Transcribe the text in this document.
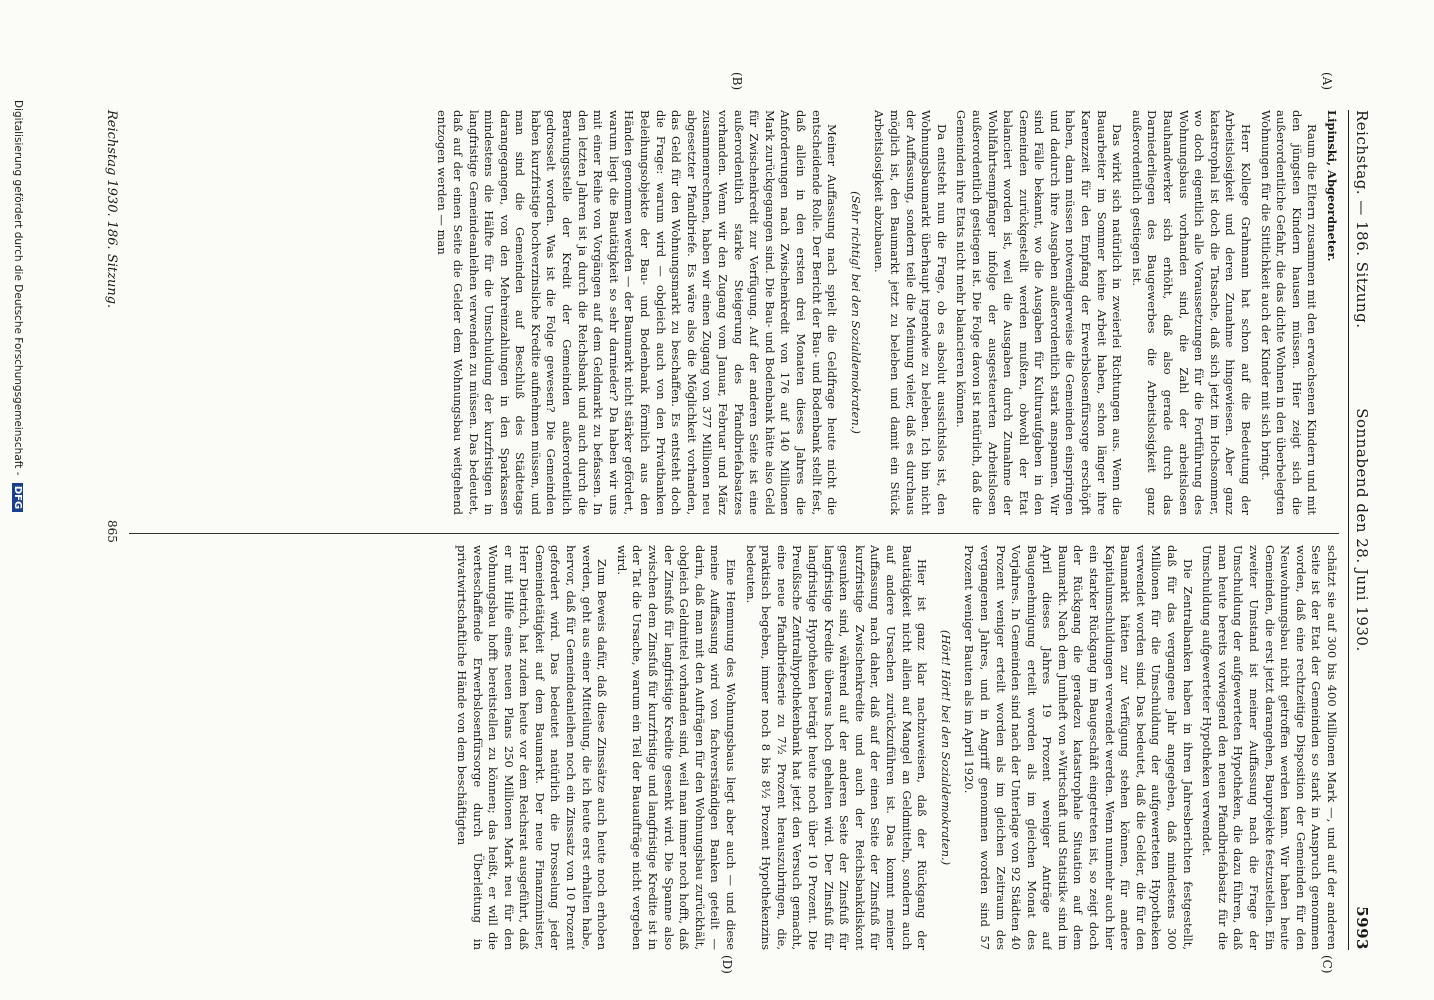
Reichstag. — 186. Sitzung.
Sonnabend den 28. Juni 1930.
5993
(A)
(B)
(C)
(D)

Lipinski, Abgeordneter.

Raum die Eltern zusammen mit den erwachsenen Kindern und mit den jüngsten Kindern hausen müssen. Hier zeigt sich die außerordentliche Gefahr, die das dichte Wohnen in den überbelegten Wohnungen für die Sittlichkeit auch der Kinder mit sich bringt.

Herr Kollege Grahmann hat schon auf die Bedeutung der Arbeitslosigkeit und deren Zunahme hingewiesen. Aber ganz katastrophal ist doch die Tatsache, daß sich jetzt im Hochsommer, wo doch eigentlich alle Voraussetzungen für die Fortführung des Wohnungsbaus vorhanden sind, die Zahl der arbeitslosen Bauhandwerker sich erhöht, daß also gerade durch das Darniederliegen des Baugewerbes die Arbeitslosigkeit ganz außerordentlich gestiegen ist.

Das wirkt sich natürlich in zweierlei Richtungen aus. Wenn die Bauarbeiter im Sommer keine Arbeit haben, schon länger ihre Karenzzeit für den Empfang der Erwerbslosenfürsorge erschöpft haben, dann müssen notwendigerweise die Gemeinden einspringen und dadurch ihre Ausgaben außerordentlich stark anspannen. Wir sind Fälle bekannt, wo die Ausgaben für Kulturaufgaben in den Gemeinden zurückgestellt werden mußten, obwohl der Etat balanciert worden ist, weil die Ausgaben durch Zunahme der Wohlfahrtsempfänger infolge der ausgesteuerten Arbeitslosen außerordentlich gestiegen ist. Die Folge davon ist natürlich, daß die Gemeinden ihre Etats nicht mehr balancieren können.

Da entsteht nun die Frage, ob es absolut aussichtslos ist, den Wohnungsbaumarkt überhaupt irgendwie zu beleben. Ich bin nicht der Auffassung, sondern teile die Meinung vieler, daß es durchaus möglich ist, den Baumarkt jetzt zu beleben und damit ein Stück Arbeitslosigkeit abzubauen.

(Sehr richtig! bei den Sozialdemokraten.)

Meiner Auffassung nach spielt die Geldfrage heute nicht die entscheidende Rolle. Der Bericht der Bau- und Bodenbank stellt fest, daß allein in den ersten drei Monaten dieses Jahres die Anforderungen nach Zwischenkredit von 176 auf 140 Millionen Mark zurückgegangen sind. Die Bau- und Bodenbank hätte also Geld für Zwischenkredit zur Verfügung. Auf der anderen Seite ist eine außerordentlich starke Steigerung des Pfandbriefabsatzes vorhanden. Wenn wir den Zugang vom Januar, Februar und März zusammenrechnen, haben wir einen Zugang von 377 Millionen neu abgesetzter Pfandbriefe. Es wäre also die Möglichkeit vorhanden, das Geld für den Wohnungsmarkt zu beschaffen. Es entsteht doch die Frage: warum wird — obgleich auch von den Privatbanken Beleihungsobjekte der Bau- und Bodenbank förmlich aus den Händen genommen werden — der Baumarkt nicht stärker gefördert, warum liegt die Bautätigkeit so sehr darnieder? Da haben wir uns mit einer Reihe von Vorgängen auf dem Geldmarkt zu befassen. In den letzten Jahren ist ja durch die Reichsbank und auch durch die Beratungsstelle der Kredit der Gemeinden außerordentlich gedrosselt worden. Was ist die Folge gewesen? Die Gemeinden haben kurzfristige hochverzinsliche Kredite aufnehmen müssen, und man sind die Gemeinden auf Beschluß des Städtetags darangegangen, von den Mehreinzahlungen in den Sparkassen mindestens die Hälfte für die Umschuldung der kurzfristigen in langfristige Gemeindeanleihen verwenden zu müssen. Das bedeutet, daß auf der einen Seite die Gelder dem Wohnungsbau weitgehend entzogen werden — man

schätzt sie auf 300 bis 400 Millionen Mark —, und auf der anderen Seite ist der Etat der Gemeinden so stark in Anspruch genommen worden, daß eine rechtzeitige Disposition der Gemeinden für den Neuwohnungsbau nicht getroffen werden kann. Wir haben heute Gemeinden, die erst jetzt darangehen, Bauprojekte festzustellen. Ein zweiter Umstand ist meiner Auffassung nach die Frage der Umschuldung der aufgewerteten Hypotheken, die dazu führen, daß man heute bereits vorwiegend den neuen Pfandbriefabsatz für die Umschuldung aufgewerteter Hypotheken verwendet.

Die Zentralbanken haben in ihren Jahresberichten festgestellt, daß für das vergangene Jahr angegeben, daß mindestens 300 Millionen für die Umschuldung der aufgewerteten Hypotheken verwendet worden sind. Das bedeutet, daß die Gelder, die für den Baumarkt hätten zur Verfügung stehen können, für andere Kapitalumschuldungen verwendet werden. Wenn nunmehr auch hier ein starker Rückgang im Baugeschäft eingetreten ist, so zeigt doch der Rückgang die geradezu katastrophale Situation auf dem Baumarkt. Nach dem Juniheft von »Wirtschaft und Statistik« sind im April dieses Jahres 19 Prozent weniger Anträge auf Baugenehmigung erteilt worden als im gleichen Monat des Vorjahres. In Gemeinden sind nach der Unterlage von 92 Städten 40 Prozent weniger erteilt worden als im gleichen Zeitraum des vergangenen Jahres, und in Angriff genommen worden sind 57 Prozent weniger Bauten als im April 1920.

(Hört! Hört! bei den Sozialdemokraten.)

Hier ist ganz klar nachzuweisen, daß der Rückgang der Bautätigkeit nicht allein auf Mangel an Geldmitteln, sondern auch auf andere Ursachen zurückzuführen ist. Das kommt meiner Auffassung nach daher, daß auf der einen Seite der Zinsfuß für kurzfristige Zwischenkredite und auch der Reichsbankdiskont gesunken sind, während auf der anderen Seite der Zinsfuß für langfristige Kredite überaus hoch gehalten wird. Der Zinsfuß für langfristige Hypotheken beträgt heute noch über 10 Prozent. Die Preußische Zentralhypothekenbank hat jetzt den Versuch gemacht, eine neue Pfandbriefserie zu 7½ Prozent herauszubringen, die, praktisch begeben, immer noch 8 bis 8½ Prozent Hypothekenzins bedeuten.

Eine Hemmung des Wohnungsbaus liegt aber auch — und diese meine Auffassung wird von fachverständigen Banken geteilt — darin, daß man mit den Aufträgen für den Wohnungsbau zurückhält, obgleich Geldmittel vorhanden sind, weil man immer noch hofft, daß der Zinsfuß für langfristige Kredite gesenkt wird. Die Spanne also zwischen dem Zinsfuß für kurzfristige und langfristige Kredite ist in der Tat die Ursache, warum ein Teil der Bauaufträge nicht vergeben wird.

Zum Beweis dafür, daß diese Zinssätze auch heute noch erhoben werden, geht aus einer Mitteilung, die ich heute erst erhalten habe, hervor, daß für Gemeindeanleihen noch ein Zinssatz von 10 Prozent gefordert wird. Das bedeutet natürlich die Drosselung jeder Gemeindetätigkeit auf dem Baumarkt. Der neue Finanzminister, Herr Dietrich, hat zudem heute vor dem Reichsrat ausgeführt, daß er mit Hilfe eines neuen Plans 250 Millionen Mark neu für den Wohnungsbau hofft bereitstellen zu können; das heißt, er will die werteschaffende Erwerbslosenfürsorge durch Überleitung in privatwirtschaftliche Hände von dem beschäftigten

Reichstag 1930. 186. Sitzung.
865
Digitalisierung gefördert durch die Deutsche Forschungsgemeinschaft - DFG
